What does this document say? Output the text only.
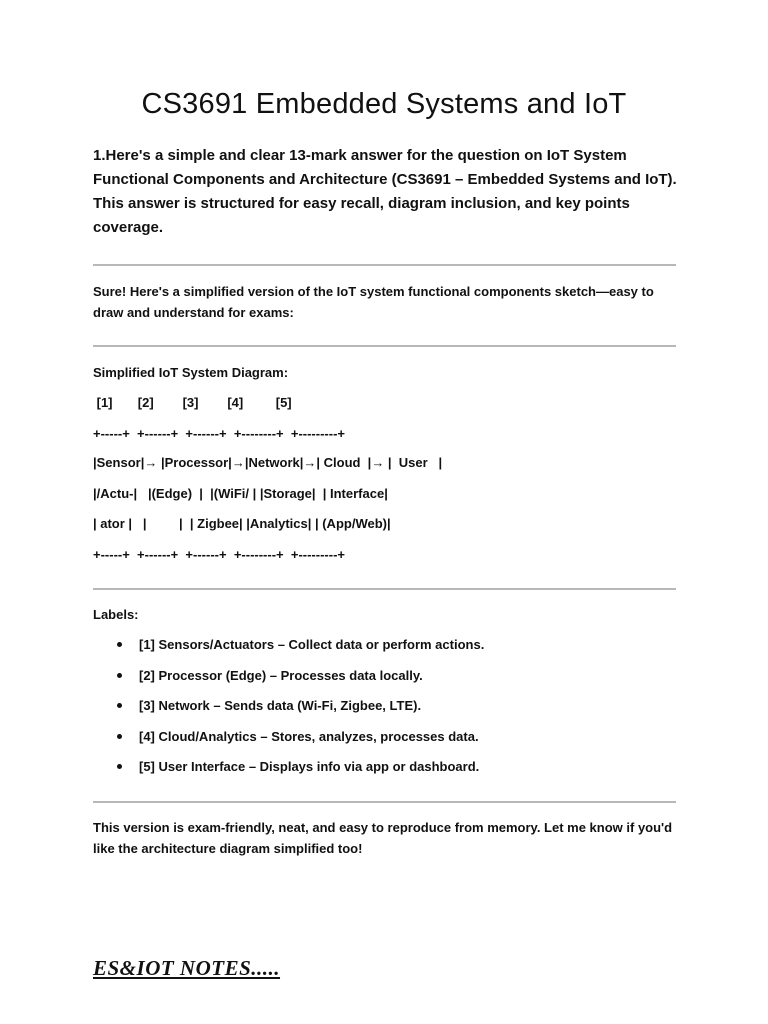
CS3691 Embedded Systems and IoT

1.Here's a simple and clear 13-mark answer for the question on IoT System Functional Components and Architecture (CS3691 – Embedded Systems and IoT). This answer is structured for easy recall, diagram inclusion, and key points coverage.

Sure! Here's a simplified version of the IoT system functional components sketch—easy to draw and understand for exams:

Simplified IoT System Diagram:
[1]       [2]        [3]        [4]         [5]
+-----+  +------+  +------+  +--------+  +---------+
|Sensor|→ |Processor|→|Network|→| Cloud  |→ |  User   |
|/Actu-|   |(Edge)  |  |(WiFi/ | |Storage|  | Interface|
| ator |   |         |  | Zigbee| |Analytics| | (App/Web)|
+-----+  +------+  +------+  +--------+  +---------+
Labels:
[1] Sensors/Actuators – Collect data or perform actions.
[2] Processor (Edge) – Processes data locally.
[3] Network – Sends data (Wi-Fi, Zigbee, LTE).
[4] Cloud/Analytics – Stores, analyzes, processes data.
[5] User Interface – Displays info via app or dashboard.

This version is exam-friendly, neat, and easy to reproduce from memory. Let me know if you'd like the architecture diagram simplified too!

ES&IOT NOTES.....
